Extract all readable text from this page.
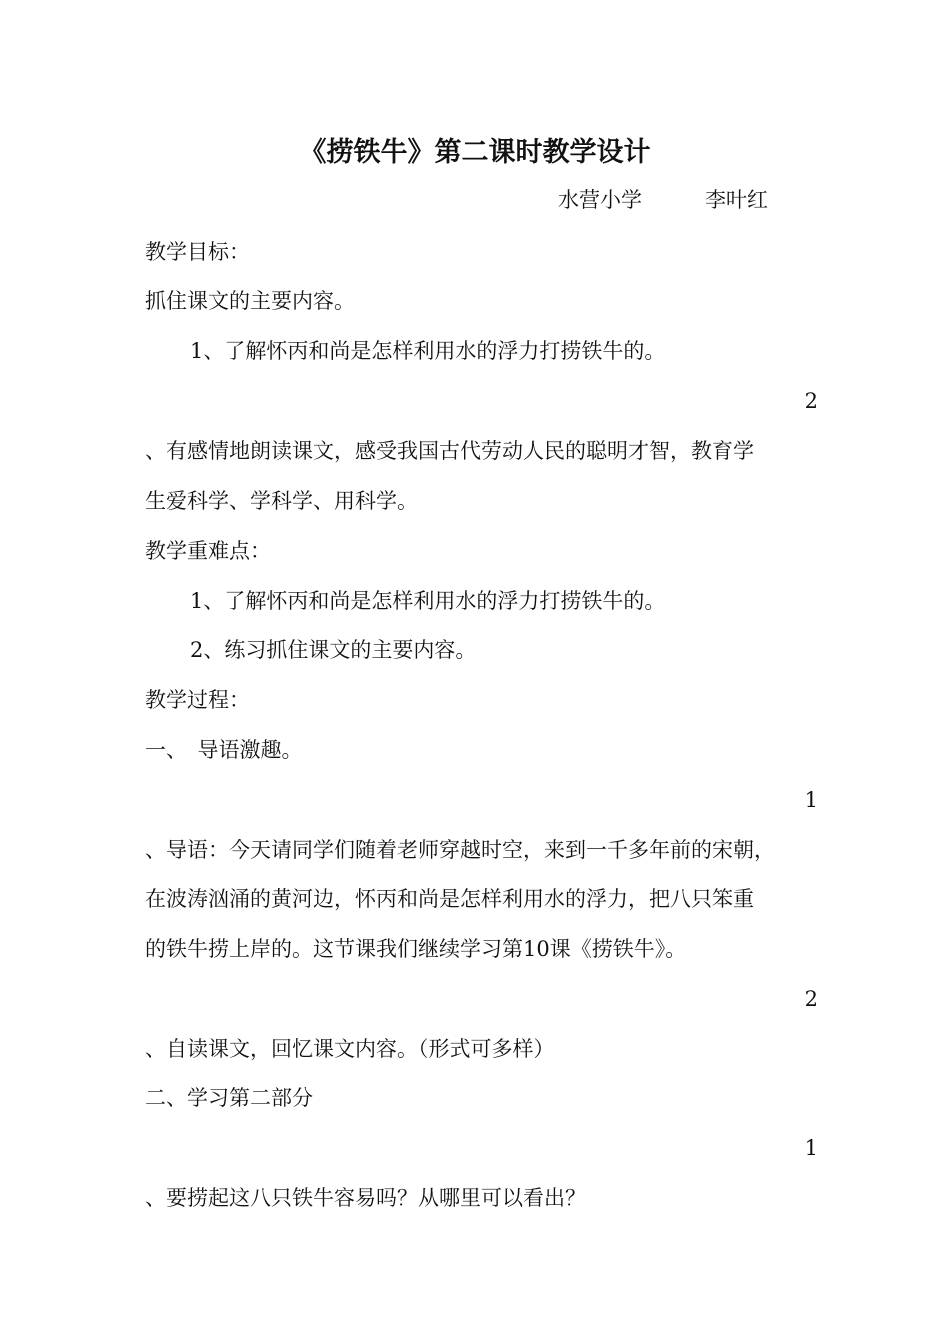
《捞铁牛》第二课时教学设计
水营小学　　　李叶红
教学目标：
抓住课文的主要内容。
1、了解怀丙和尚是怎样利用水的浮力打捞铁牛的。
2
、有感情地朗读课文，感受我国古代劳动人民的聪明才智，教育学
生爱科学、学科学、用科学。
教学重难点：
1、了解怀丙和尚是怎样利用水的浮力打捞铁牛的。
2、练习抓住课文的主要内容。
教学过程：
一、　导语激趣。
1
、导语：今天请同学们随着老师穿越时空，来到一千多年前的宋朝，
在波涛汹涌的黄河边，怀丙和尚是怎样利用水的浮力，把八只笨重
的铁牛捞上岸的。这节课我们继续学习第10课《捞铁牛》。
2
、自读课文，回忆课文内容。（形式可多样）
二、学习第二部分
1
、要捞起这八只铁牛容易吗？从哪里可以看出？
